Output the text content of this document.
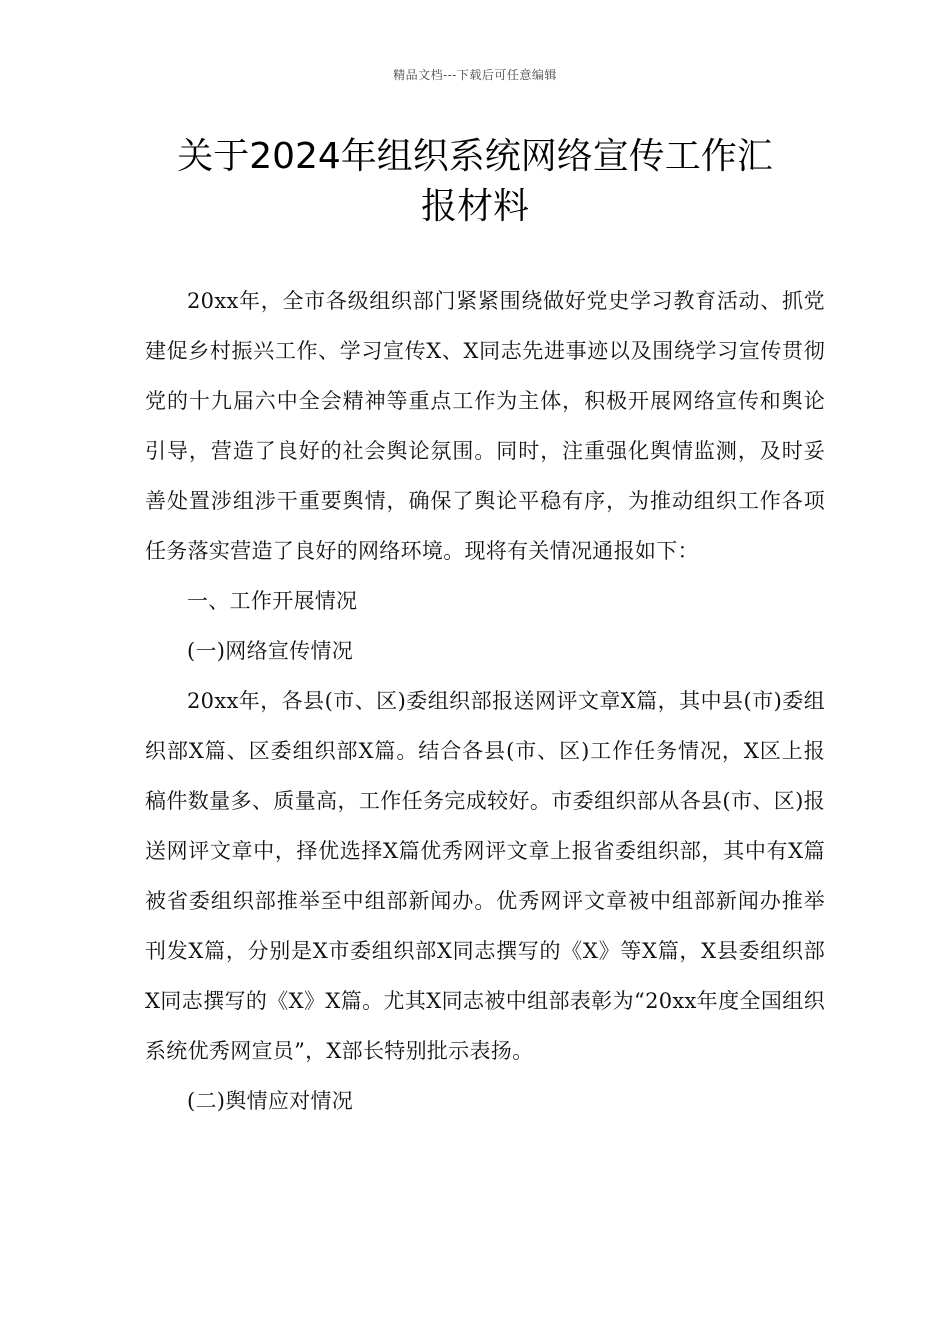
精品文档---下载后可任意编辑
关于2024年组织系统网络宣传工作汇
报材料

20xx年，全市各级组织部门紧紧围绕做好党史学习教育活动、抓党建促乡村振兴工作、学习宣传X、X同志先进事迹以及围绕学习宣传贯彻党的十九届六中全会精神等重点工作为主体，积极开展网络宣传和舆论引导，营造了良好的社会舆论氛围。同时，注重强化舆情监测，及时妥善处置涉组涉干重要舆情，确保了舆论平稳有序，为推动组织工作各项任务落实营造了良好的网络环境。现将有关情况通报如下：

一、工作开展情况

(一)网络宣传情况

20xx年，各县(市、区)委组织部报送网评文章X篇，其中县(市)委组织部X篇、区委组织部X篇。结合各县(市、区)工作任务情况，X区上报稿件数量多、质量高，工作任务完成较好。市委组织部从各县(市、区)报送网评文章中，择优选择X篇优秀网评文章上报省委组织部，其中有X篇被省委组织部推举至中组部新闻办。优秀网评文章被中组部新闻办推举刊发X篇，分别是X市委组织部X同志撰写的《X》等X篇，X县委组织部X同志撰写的《X》X篇。尤其X同志被中组部表彰为“20xx年度全国组织系统优秀网宣员”，X部长特别批示表扬。

(二)舆情应对情况
